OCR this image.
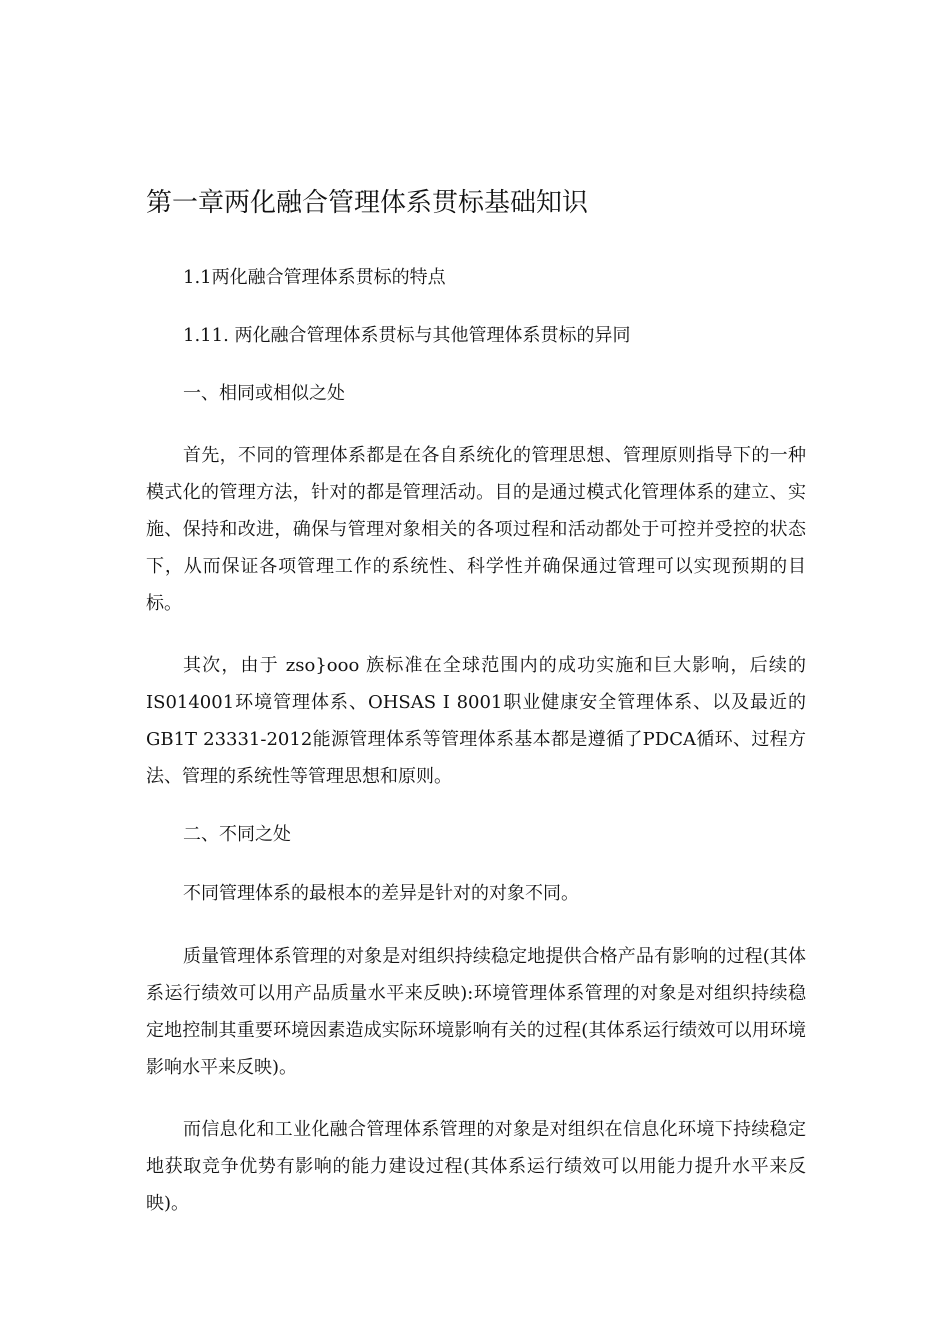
第一章两化融合管理体系贯标基础知识

1.1两化融合管理体系贯标的特点

1.11. 两化融合管理体系贯标与其他管理体系贯标的异同

一、相同或相似之处

首先，不同的管理体系都是在各自系统化的管理思想、管理原则指导下的一种模式化的管理方法，针对的都是管理活动。目的是通过模式化管理体系的建立、实施、保持和改进，确保与管理对象相关的各项过程和活动都处于可控并受控的状态下，从而保证各项管理工作的系统性、科学性并确保通过管理可以实现预期的目标。

其次，由于 zso}ooo 族标准在全球范围内的成功实施和巨大影响，后续的IS014001环境管理体系、OHSAS I 8001职业健康安全管理体系、以及最近的GB1T 23331-2012能源管理体系等管理体系基本都是遵循了PDCA循环、过程方法、管理的系统性等管理思想和原则。

二、不同之处

不同管理体系的最根本的差异是针对的对象不同。

质量管理体系管理的对象是对组织持续稳定地提供合格产品有影响的过程(其体系运行绩效可以用产品质量水平来反映):环境管理体系管理的对象是对组织持续稳定地控制其重要环境因素造成实际环境影响有关的过程(其体系运行绩效可以用环境影响水平来反映)。

而信息化和工业化融合管理体系管理的对象是对组织在信息化环境下持续稳定地获取竞争优势有影响的能力建设过程(其体系运行绩效可以用能力提升水平来反映)。
